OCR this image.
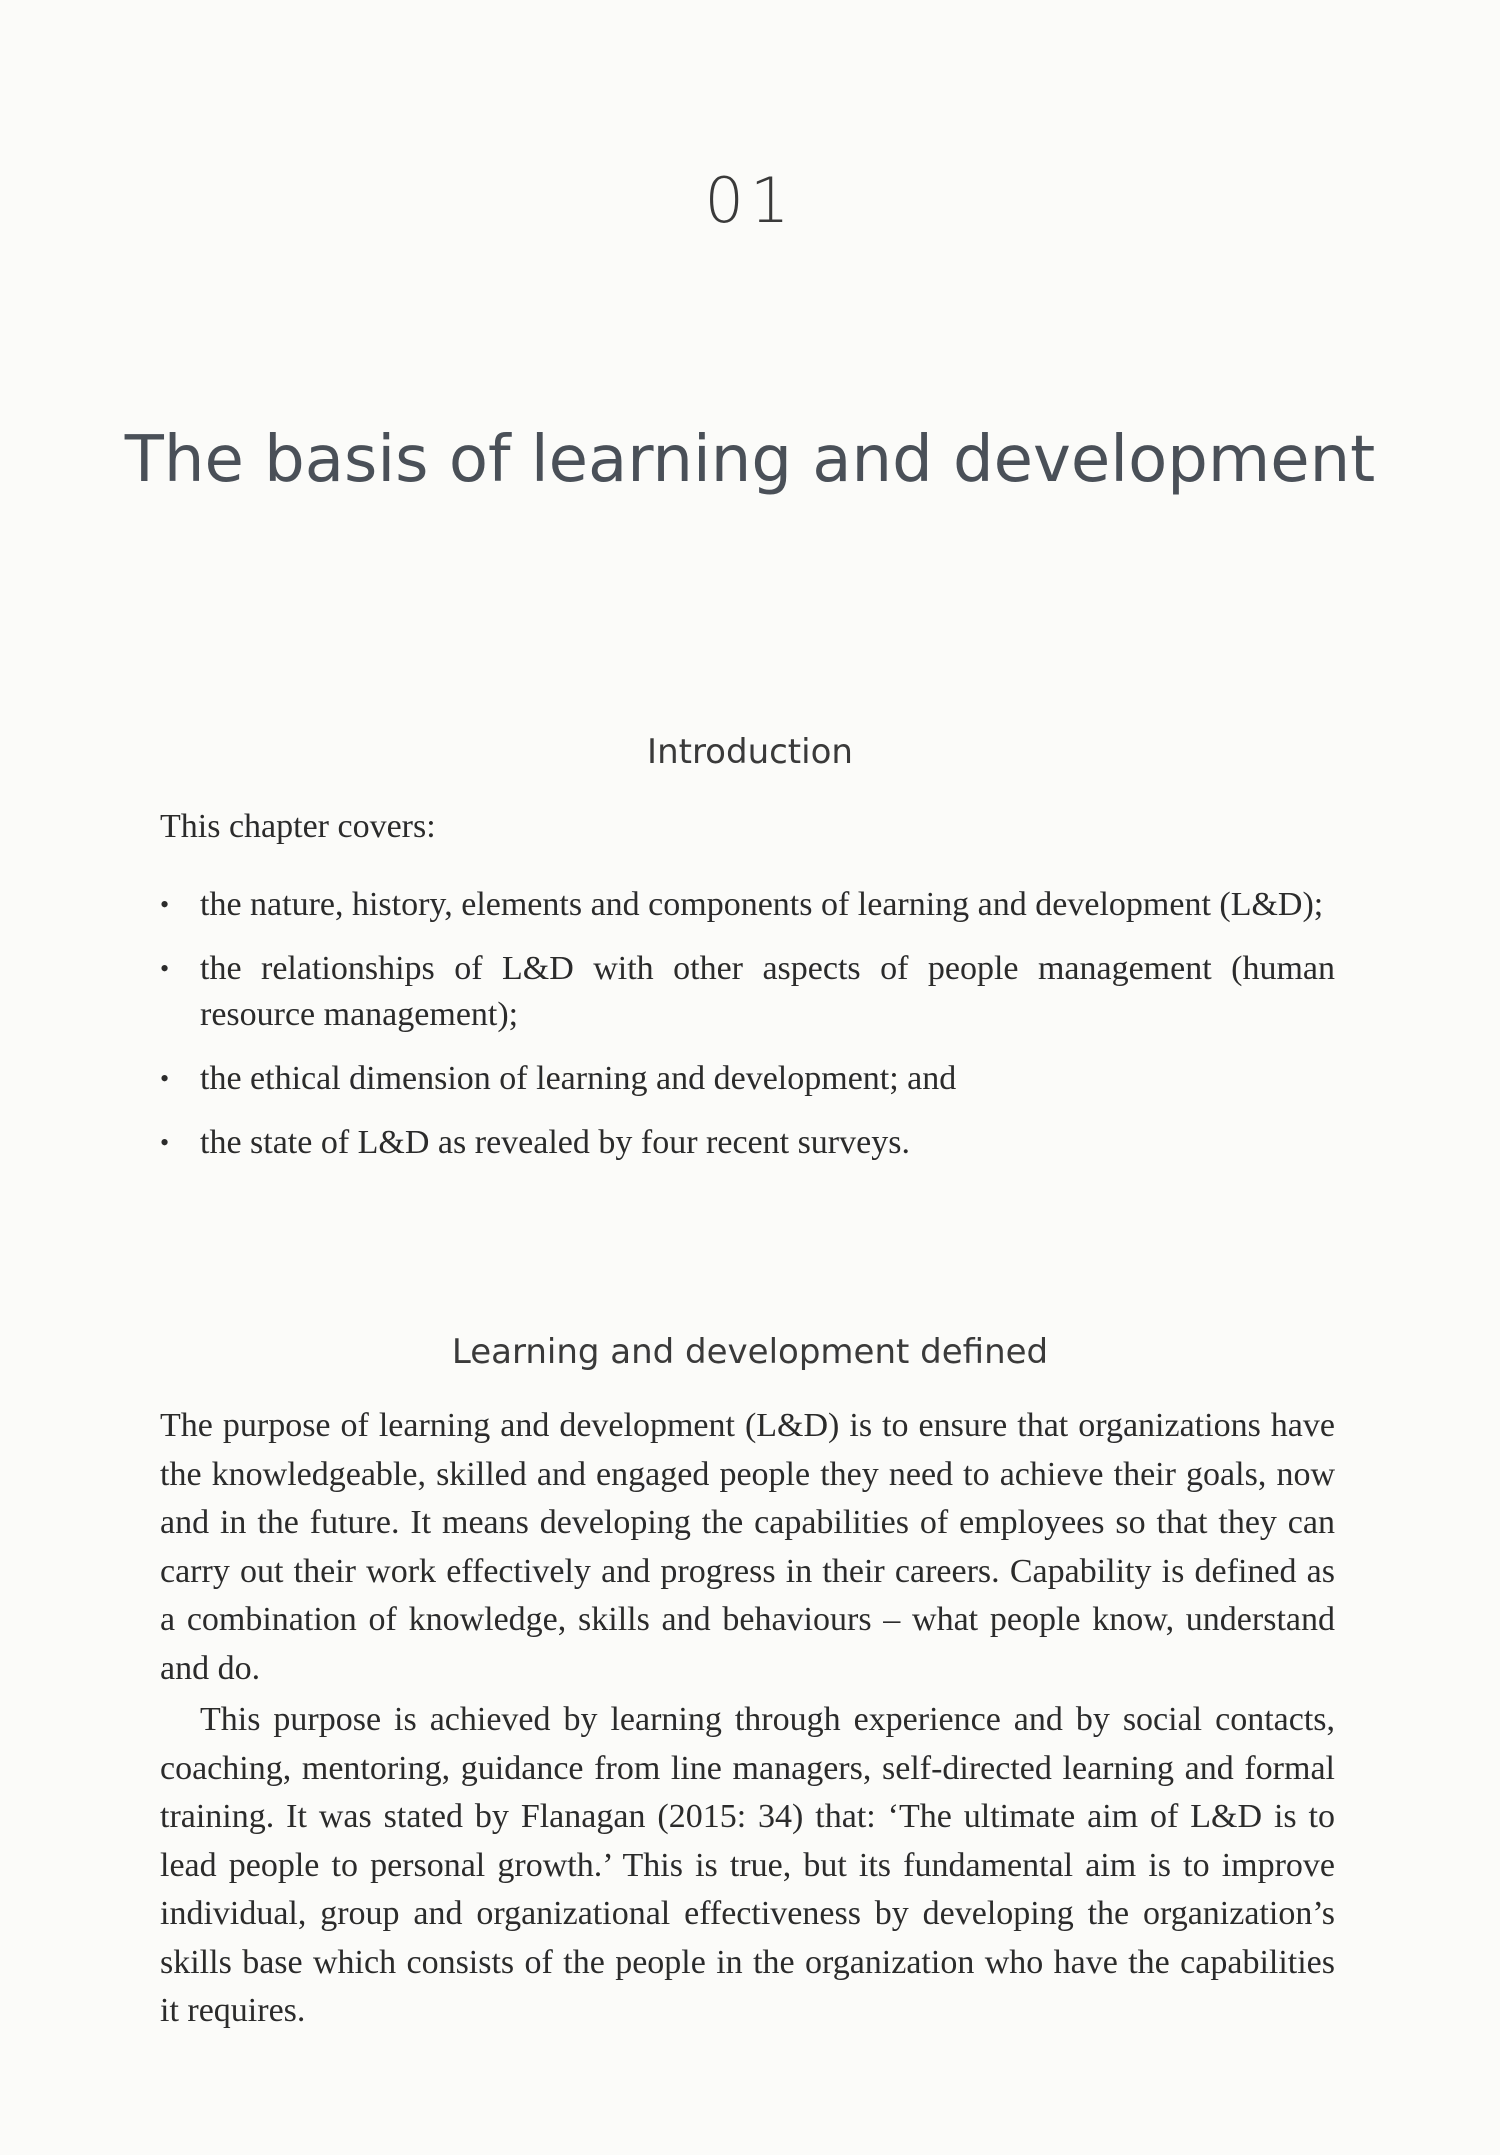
01
The basis of learning and development
Introduction
This chapter covers:
• the nature, history, elements and components of learning and development (L&D);
• the relationships of L&D with other aspects of people management (human resource management);
• the ethical dimension of learning and development; and
• the state of L&D as revealed by four recent surveys.
Learning and development defined

The purpose of learning and development (L&D) is to ensure that organizations have the knowledgeable, skilled and engaged people they need to achieve their goals, now and in the future. It means developing the capabilities of employees so that they can carry out their work effectively and progress in their careers. Capability is defined as a combination of knowledge, skills and behaviours – what people know, understand and do.

This purpose is achieved by learning through experience and by social contacts, coaching, mentoring, guidance from line managers, self-directed learning and formal training. It was stated by Flanagan (2015: 34) that: ‘The ultimate aim of L&D is to lead people to personal growth.’ This is true, but its fundamental aim is to improve individual, group and organizational effectiveness by developing the organization’s skills base which consists of the people in the organization who have the capabilities it requires.
